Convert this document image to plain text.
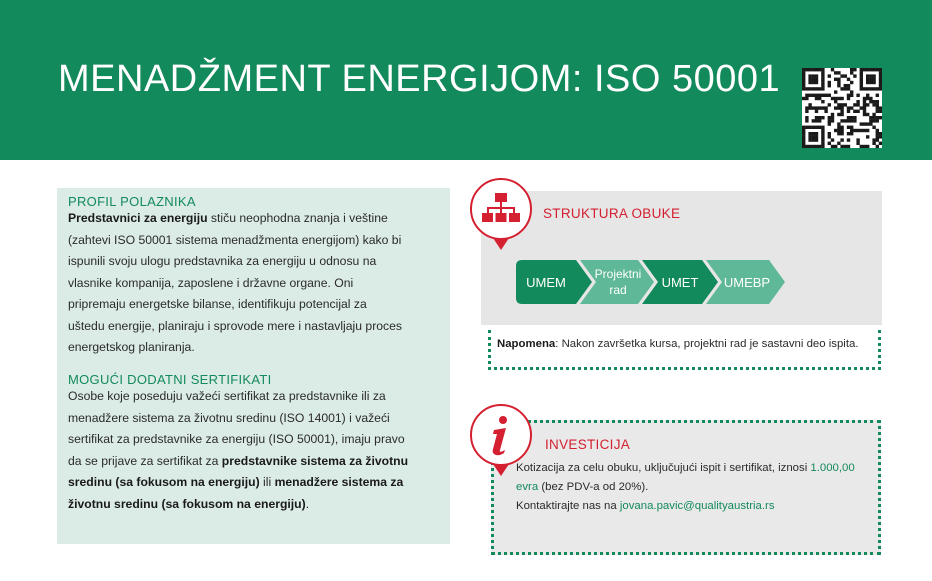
MENADŽMENT ENERGIJOM: ISO 50001
PROFIL POLAZNIKA
Predstavnici za energiju stiču neophodna znanja i veštine
(zahtevi ISO 50001 sistema menadžmenta energijom) kako bi
ispunili svoju ulogu predstavnika za energiju u odnosu na
vlasnike kompanija, zaposlene i državne organe. Oni
pripremaju energetske bilanse, identifikuju potencijal za
uštedu energije, planiraju i sprovode mere i nastavljaju proces
energetskog planiranja.
MOGUĆI DODATNI SERTIFIKATI
Osobe koje poseduju važeći sertifikat za predstavnike ili za
menadžere sistema za životnu sredinu (ISO 14001) i važeći
sertifikat za predstavnike za energiju (ISO 50001), imaju pravo
da se prijave za sertifikat za predstavnike sistema za životnu
sredinu (sa fokusom na energiju) ili menadžere sistema za
životnu sredinu (sa fokusom na energiju).
STRUKTURA OBUKE
UMEM
Projektni
rad
UMET	UMEBP
Napomena: Nakon završetka kursa, projektni rad je sastavni deo ispita.
INVESTICIJA
Kotizacija za celu obuku, uključujući ispit i sertifikat, iznosi 1.000,00
evra (bez PDV-a od 20%).
Kontaktirajte nas na jovana.pavic@qualityaustria.rs
